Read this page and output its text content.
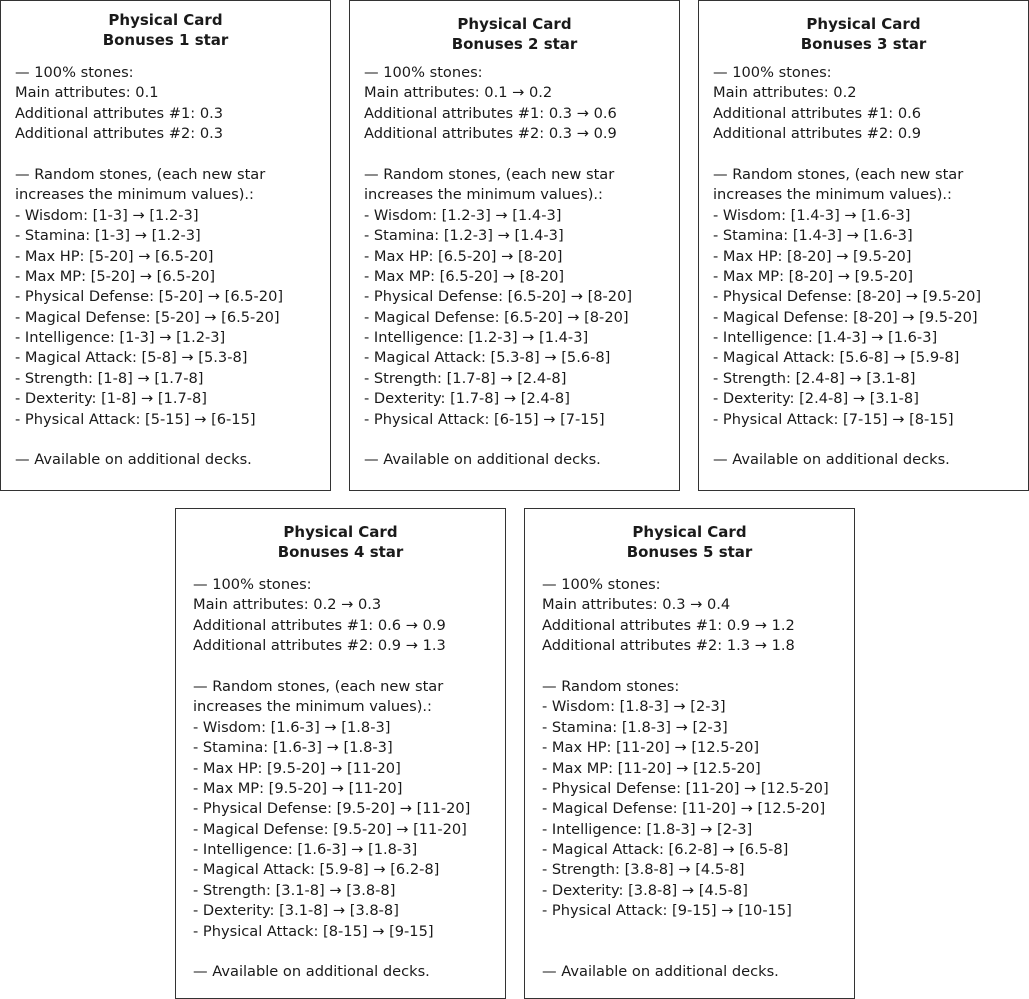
Physical Card
Bonuses 1 star
— 100% stones:
Main attributes: 0.1
Additional attributes #1: 0.3
Additional attributes #2: 0.3
— Random stones, (each new star
increases the minimum values).:
- Wisdom: [1-3] → [1.2-3]
- Stamina: [1-3] → [1.2-3]
- Max HP: [5-20] → [6.5-20]
- Max MP: [5-20] → [6.5-20]
- Physical Defense: [5-20] → [6.5-20]
- Magical Defense: [5-20] → [6.5-20]
- Intelligence: [1-3] → [1.2-3]
- Magical Attack: [5-8] → [5.3-8]
- Strength: [1-8] → [1.7-8]
- Dexterity: [1-8] → [1.7-8]
- Physical Attack: [5-15] → [6-15]
— Available on additional decks.
Physical Card
Bonuses 2 star
— 100% stones:
Main attributes: 0.1 → 0.2
Additional attributes #1: 0.3 → 0.6
Additional attributes #2: 0.3 → 0.9
— Random stones, (each new star
increases the minimum values).:
- Wisdom: [1.2-3] → [1.4-3]
- Stamina: [1.2-3] → [1.4-3]
- Max HP: [6.5-20] → [8-20]
- Max MP: [6.5-20] → [8-20]
- Physical Defense: [6.5-20] → [8-20]
- Magical Defense: [6.5-20] → [8-20]
- Intelligence: [1.2-3] → [1.4-3]
- Magical Attack: [5.3-8] → [5.6-8]
- Strength: [1.7-8] → [2.4-8]
- Dexterity: [1.7-8] → [2.4-8]
- Physical Attack: [6-15] → [7-15]
— Available on additional decks.
Physical Card
Bonuses 3 star
— 100% stones:
Main attributes: 0.2
Additional attributes #1: 0.6
Additional attributes #2: 0.9
— Random stones, (each new star
increases the minimum values).:
- Wisdom: [1.4-3] → [1.6-3]
- Stamina: [1.4-3] → [1.6-3]
- Max HP: [8-20] → [9.5-20]
- Max MP: [8-20] → [9.5-20]
- Physical Defense: [8-20] → [9.5-20]
- Magical Defense: [8-20] → [9.5-20]
- Intelligence: [1.4-3] → [1.6-3]
- Magical Attack: [5.6-8] → [5.9-8]
- Strength: [2.4-8] → [3.1-8]
- Dexterity: [2.4-8] → [3.1-8]
- Physical Attack: [7-15] → [8-15]
— Available on additional decks.
Physical Card
Bonuses 4 star
— 100% stones:
Main attributes: 0.2 → 0.3
Additional attributes #1: 0.6 → 0.9
Additional attributes #2: 0.9 → 1.3
— Random stones, (each new star
increases the minimum values).:
- Wisdom: [1.6-3] → [1.8-3]
- Stamina: [1.6-3] → [1.8-3]
- Max HP: [9.5-20] → [11-20]
- Max MP: [9.5-20] → [11-20]
- Physical Defense: [9.5-20] → [11-20]
- Magical Defense: [9.5-20] → [11-20]
- Intelligence: [1.6-3] → [1.8-3]
- Magical Attack: [5.9-8] → [6.2-8]
- Strength: [3.1-8] → [3.8-8]
- Dexterity: [3.1-8] → [3.8-8]
- Physical Attack: [8-15] → [9-15]
— Available on additional decks.
Physical Card
Bonuses 5 star
— 100% stones:
Main attributes: 0.3 → 0.4
Additional attributes #1: 0.9 → 1.2
Additional attributes #2: 1.3 → 1.8
— Random stones:
- Wisdom: [1.8-3] → [2-3]
- Stamina: [1.8-3] → [2-3]
- Max HP: [11-20] → [12.5-20]
- Max MP: [11-20] → [12.5-20]
- Physical Defense: [11-20] → [12.5-20]
- Magical Defense: [11-20] → [12.5-20]
- Intelligence: [1.8-3] → [2-3]
- Magical Attack: [6.2-8] → [6.5-8]
- Strength: [3.8-8] → [4.5-8]
- Dexterity: [3.8-8] → [4.5-8]
- Physical Attack: [9-15] → [10-15]
— Available on additional decks.
